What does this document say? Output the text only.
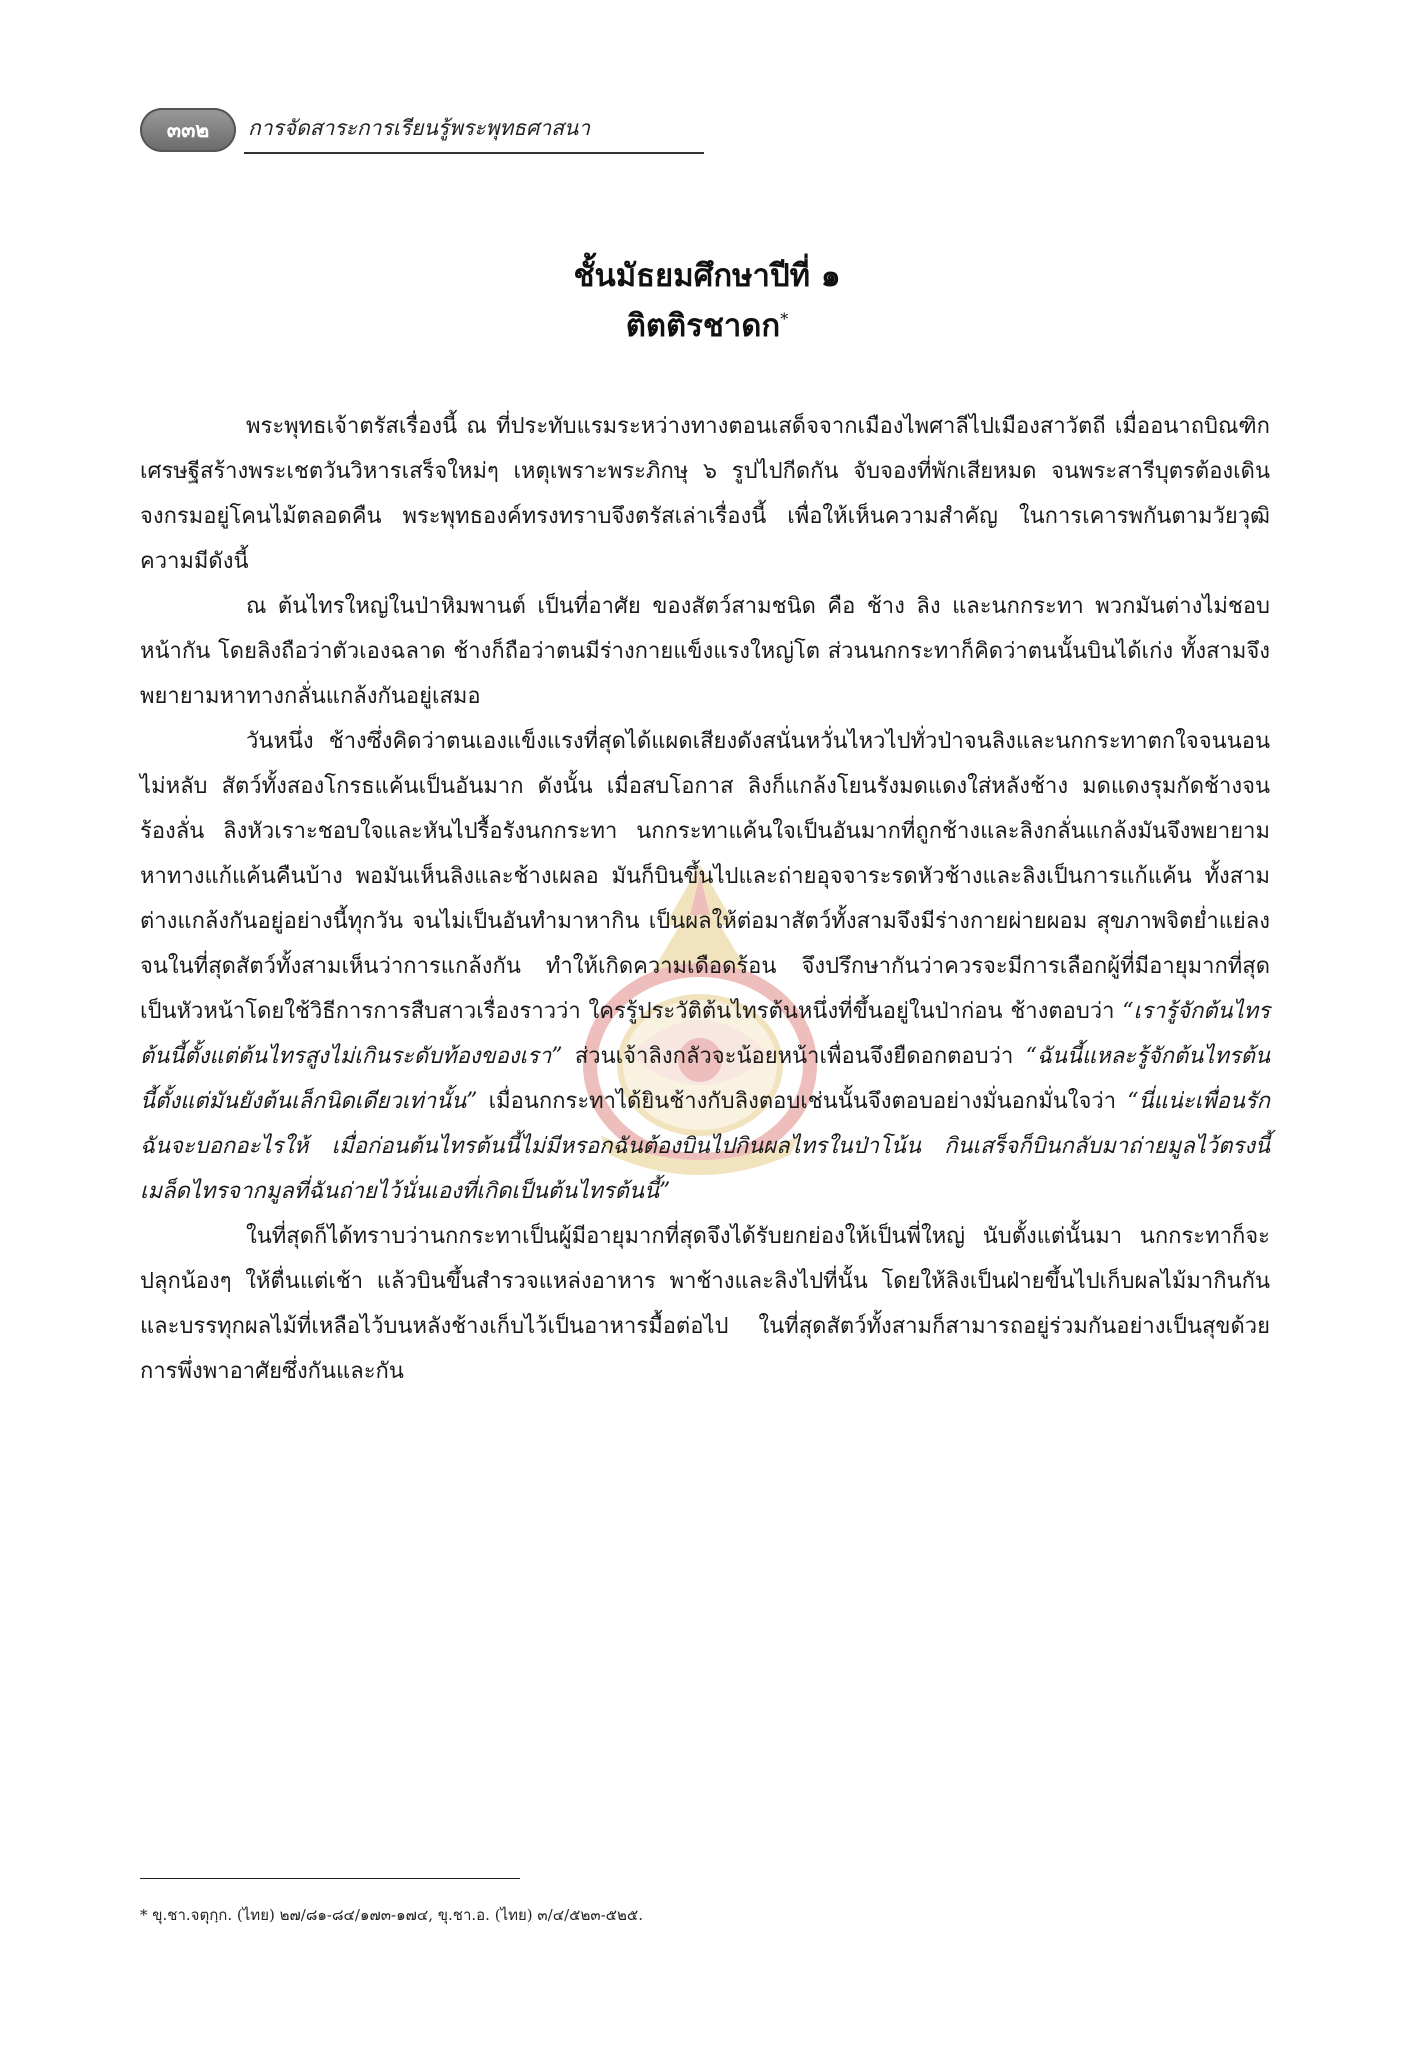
๓๓๒	การจัดสาระการเรียนรู้พระพุทธศาสนา
ชั้นมัธยมศึกษาปีที่ ๑
ติตติรชาดก*

พระพุทธเจ้าตรัสเรื่องนี้ ณ ที่ประทับแรมระหว่างทางตอนเสด็จจากเมืองไพศาลีไปเมืองสาวัตถี เมื่ออนาถบิณฑิกเศรษฐีสร้างพระเชตวันวิหารเสร็จใหม่ๆ เหตุเพราะพระภิกษุ ๖ รูปไปกีดกัน จับจองที่พักเสียหมด จนพระสารีบุตรต้องเดินจงกรมอยู่โคนไม้ตลอดคืน พระพุทธองค์ทรงทราบจึงตรัสเล่าเรื่องนี้ เพื่อให้เห็นความสำคัญ ในการเคารพกันตามวัยวุฒิ ความมีดังนี้

ณ ต้นไทรใหญ่ในป่าหิมพานต์ เป็นที่อาศัย ของสัตว์สามชนิด คือ ช้าง ลิง และนกกระทา พวกมันต่างไม่ชอบหน้ากัน โดยลิงถือว่าตัวเองฉลาด ช้างก็ถือว่าตนมีร่างกายแข็งแรงใหญ่โต ส่วนนกกระทาก็คิดว่าตนนั้นบินได้เก่ง ทั้งสามจึงพยายามหาทางกลั่นแกล้งกันอยู่เสมอ

วันหนึ่ง ช้างซึ่งคิดว่าตนเองแข็งแรงที่สุดได้แผดเสียงดังสนั่นหวั่นไหวไปทั่วป่าจนลิงและนกกระทาตกใจจนนอนไม่หลับ สัตว์ทั้งสองโกรธแค้นเป็นอันมาก ดังนั้น เมื่อสบโอกาส ลิงก็แกล้งโยนรังมดแดงใส่หลังช้าง มดแดงรุมกัดช้างจนร้องลั่น ลิงหัวเราะชอบใจและหันไปรื้อรังนกกระทา นกกระทาแค้นใจเป็นอันมากที่ถูกช้างและลิงกลั่นแกล้งมันจึงพยายามหาทางแก้แค้นคืนบ้าง พอมันเห็นลิงและช้างเผลอ มันก็บินขึ้นไปและถ่ายอุจจาระรดหัวช้างและลิงเป็นการแก้แค้น ทั้งสามต่างแกล้งกันอยู่อย่างนี้ทุกวัน จนไม่เป็นอันทำมาหากิน เป็นผลให้ต่อมาสัตว์ทั้งสามจึงมีร่างกายผ่ายผอม สุขภาพจิตย่ำแย่ลง จนในที่สุดสัตว์ทั้งสามเห็นว่าการแกล้งกัน ทำให้เกิดความเดือดร้อน จึงปรึกษากันว่าควรจะมีการเลือกผู้ที่มีอายุมากที่สุดเป็นหัวหน้าโดยใช้วิธีการการสืบสาวเรื่องราวว่า ใครรู้ประวัติต้นไทรต้นหนึ่งที่ขึ้นอยู่ในป่าก่อน ช้างตอบว่า “เรารู้จักต้นไทรต้นนี้ตั้งแต่ต้นไทรสูงไม่เกินระดับท้องของเรา” ส่วนเจ้าลิงกลัวจะน้อยหน้าเพื่อนจึงยืดอกตอบว่า “ฉันนี้แหละรู้จักต้นไทรต้นนี้ตั้งแต่มันยังต้นเล็กนิดเดียวเท่านั้น” เมื่อนกกระทาได้ยินช้างกับลิงตอบเช่นนั้นจึงตอบอย่างมั่นอกมั่นใจว่า “นี่แน่ะเพื่อนรักฉันจะบอกอะไรให้ เมื่อก่อนต้นไทรต้นนี้ไม่มีหรอกฉันต้องบินไปกินผลไทรในป่าโน้น กินเสร็จก็บินกลับมาถ่ายมูลไว้ตรงนี้ เมล็ดไทรจากมูลที่ฉันถ่ายไว้นั่นเองที่เกิดเป็นต้นไทรต้นนี้”

ในที่สุดก็ได้ทราบว่านกกระทาเป็นผู้มีอายุมากที่สุดจึงได้รับยกย่องให้เป็นพี่ใหญ่ นับตั้งแต่นั้นมา นกกระทาก็จะปลุกน้องๆ ให้ตื่นแต่เช้า แล้วบินขึ้นสำรวจแหล่งอาหาร พาช้างและลิงไปที่นั้น โดยให้ลิงเป็นฝ่ายขึ้นไปเก็บผลไม้มากินกัน และบรรทุกผลไม้ที่เหลือไว้บนหลังช้างเก็บไว้เป็นอาหารมื้อต่อไป ในที่สุดสัตว์ทั้งสามก็สามารถอยู่ร่วมกันอย่างเป็นสุขด้วยการพึ่งพาอาศัยซึ่งกันและกัน

* ขุ.ชา.จตุกฺก. (ไทย) ๒๗/๘๑-๘๔/๑๗๓-๑๗๔, ขุ.ชา.อ. (ไทย) ๓/๔/๕๒๓-๕๒๕.
